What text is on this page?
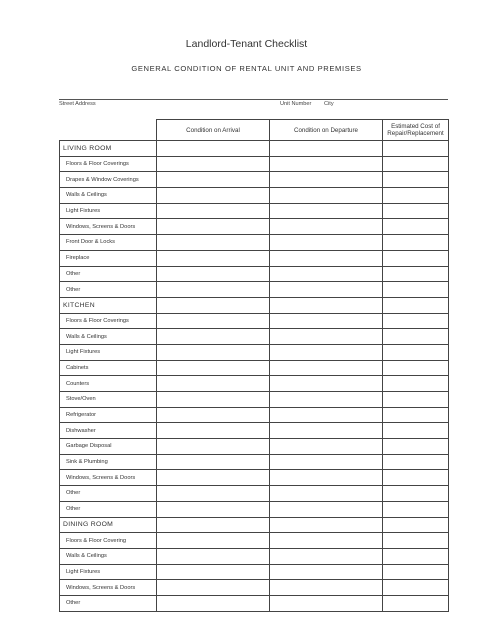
Landlord-Tenant Checklist
GENERAL CONDITION OF RENTAL UNIT AND PREMISES
Street Address	Unit Number City
	Condition on Arrival	Condition on Departure	Estimated Cost of Repair/Replacement
LIVING ROOM			
Floors & Floor Coverings			
Drapes & Window Coverings			
Walls & Ceilings			
Light Fixtures			
Windows, Screens & Doors			
Front Door & Locks			
Fireplace			
Other			
Other			
KITCHEN			
Floors & Floor Coverings			
Walls & Ceilings			
Light Fixtures			
Cabinets			
Counters			
Stove/Oven			
Refrigerator			
Dishwasher			
Garbage Disposal			
Sink & Plumbing			
Windows, Screens & Doors			
Other			
Other			
DINING ROOM			
Floors & Floor Covering			
Walls & Ceilings			
Light Fixtures			
Windows, Screens & Doors			
Other			
